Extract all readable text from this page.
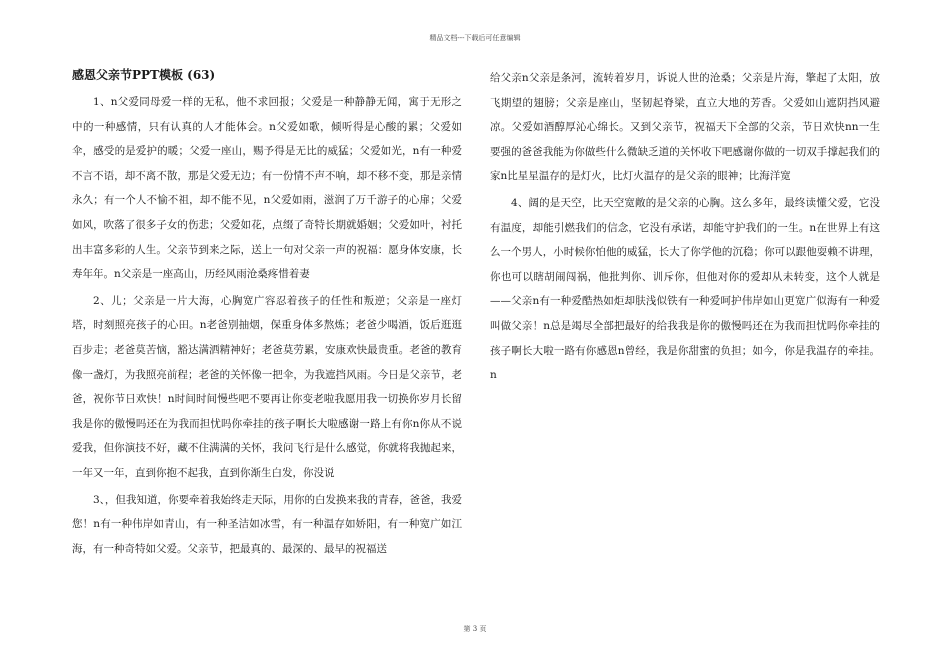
精品文档---下载后可任意编辑
感恩父亲节PPT模板 (63)

1、n父爱同母爱一样的无私，他不求回报；父爱是一种静静无闻，寓于无形之中的一种感情，只有认真的人才能体会。n父爱如歌，倾听得是心酸的累；父爱如伞，感受的是爱护的暖；父爱一座山，赐予得是无比的威猛；父爱如光，n有一种爱不言不语，却不离不散，那是父爱无边；有一份情不声不响，却不移不变，那是亲情永久；有一个人不愉不祖，却不能不见，n父爱如雨，滋润了万千游子的心扉；父爱如风，吹落了很多子女的伤悲；父爱如花，点缀了奇特长期就婚姻；父爱如叶，衬托出丰富多彩的人生。父亲节到来之际，送上一句对父亲一声的祝福：愿身体安康，长寿年年。n父亲是一座高山，历经风雨沧桑疼惜着妻

2、儿；父亲是一片大海，心胸宽广容忍着孩子的任性和叛逆；父亲是一座灯塔，时刻照亮孩子的心田。n老爸别抽烟，保重身体多熬炼；老爸少喝酒，饭后逛逛百步走；老爸莫苦恼，豁达满洒精神好；老爸莫劳累，安康欢快最贵重。老爸的教育像一盏灯，为我照亮前程；老爸的关怀像一把伞，为我遮挡风雨。今日是父亲节，老爸，祝你节日欢快！n时间时间慢些吧不要再让你变老啦我愿用我一切换你岁月长留我是你的傲慢吗还在为我而担忧吗你牵挂的孩子啊长大啦感谢一路上有你n你从不说爱我，但你演技不好，藏不住满满的关怀，我问飞行是什么感觉，你就将我抛起来，一年又一年，直到你抱不起我，直到你渐生白发，你没说

3、，但我知道，你要牵着我始终走天际，用你的白发换来我的青春，爸爸，我爱您！n有一种伟岸如青山，有一种圣洁如冰雪，有一种温存如娇阳，有一种宽广如江海，有一种奇特如父爱。父亲节，把最真的、最深的、最早的祝福送

给父亲n父亲是条河，流转着岁月，诉说人世的沧桑；父亲是片海，擎起了太阳，放飞期望的翅膀；父亲是座山，坚韧起脊梁，直立大地的芳香。父爱如山遮阴挡风避凉。父爱如酒醇厚沁心绵长。又到父亲节，祝福天下全部的父亲，节日欢快nn一生要强的爸爸我能为你做些什么微缺乏道的关怀收下吧感谢你做的一切双手撑起我们的家n比星星温存的是灯火，比灯火温存的是父亲的眼神；比海洋宽

4、阔的是天空，比天空宽敞的是父亲的心胸。这么多年，最终读懂父爱，它没有温度，却能引燃我们的信念，它没有承诺，却能守护我们的一生。n在世界上有这么一个男人，小时候你怕他的威猛，长大了你学他的沉稳；你可以跟他耍赖不讲理，你也可以瞎胡闹闯祸，他批判你、训斥你，但他对你的爱却从未转变，这个人就是——父亲n有一种爱酷热如炬却肤浅似铁有一种爱呵护伟岸如山更宽广似海有一种爱叫做父亲！n总是竭尽全部把最好的给我我是你的傲慢吗还在为我而担忧吗你牵挂的孩子啊长大啦一路有你感恩n曾经，我是你甜蜜的负担；如今，你是我温存的牵挂。n

第 3 页
